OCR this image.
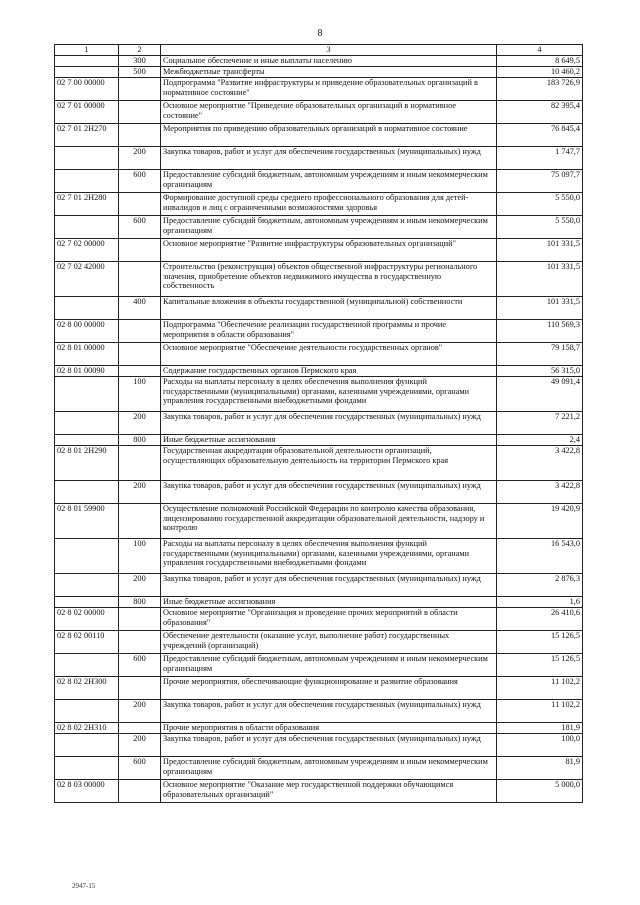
8
1	2	3	4
	300	Социальное обеспечение и иные выплаты населению	8 649,5
	500	Межбюджетные трансферты	10 460,2
02 7 00 00000		Подпрограмма "Развитие инфраструктуры и приведение образовательных организаций в нормативное состояние"	183 726,9
02 7 01 00000		Основное мероприятие "Приведение образовательных организаций в нормативное состояние"	82 395,4
02 7 01 2Н270		Мероприятия по приведению образовательных организаций в нормативное состояние	76 845,4
	200	Закупка товаров, работ и услуг для обеспечения государственных (муниципальных) нужд	1 747,7
	600	Предоставление субсидий бюджетным, автономным учреждениям и иным некоммерческим организациям	75 097,7
02 7 01 2Н280		Формирование доступной среды среднего профессионального образования для детей-инвалидов и лиц с ограниченными возможностями здоровья	5 550,0
	600	Предоставление субсидий бюджетным, автономным учреждениям и иным некоммерческим организациям	5 550,0
02 7 02 00000		Основное мероприятие "Развитие инфраструктуры образовательных организаций"	101 331,5
02 7 02 42000		Строительство (реконструкция) объектов общественной инфраструктуры регионального значения, приобретение объектов недвижимого имущества в государственную собственность	101 331,5
	400	Капитальные вложения в объекты государственной (муниципальной) собственности	101 331,5
02 8 00 00000		Подпрограмма "Обеспечение реализации государственной программы и прочие мероприятия в области образования"	110 569,3
02 8 01 00000		Основное мероприятие "Обеспечение деятельности государственных органов"	79 158,7
02 8 01 00090		Содержание государственных органов Пермского края	56 315,0
	100	Расходы на выплаты персоналу в целях обеспечения выполнения функций государственными (муниципальными) органами, казенными учреждениями, органами управления государственными внебюджетными фондами	49 091,4
	200	Закупка товаров, работ и услуг для обеспечения государственных (муниципальных) нужд	7 221,2
	800	Иные бюджетные ассигнования	2,4
02 8 01 2Н290		Государственная аккредитация образовательной деятельности организаций, осуществляющих образовательную деятельность на территории Пермского края	3 422,8
	200	Закупка товаров, работ и услуг для обеспечения государственных (муниципальных) нужд	3 422,8
02 8 01 59900		Осуществление полномочий Российской Федерации по контролю качества образования, лицензированию государственной аккредитации образовательной деятельности, надзору и контролю	19 420,9
	100	Расходы на выплаты персоналу в целях обеспечения выполнения функций государственными (муниципальными) органами, казенными учреждениями, органами управления государственными внебюджетными фондами	16 543,0
	200	Закупка товаров, работ и услуг для обеспечения государственных (муниципальных) нужд	2 876,3
	800	Иные бюджетные ассигнования	1,6
02 8 02 00000		Основное мероприятие "Организация и проведение прочих мероприятий в области образования"	26 410,6
02 8 02 00110		Обеспечение деятельности (оказание услуг, выполнение работ) государственных учреждений (организаций)	15 126,5
	600	Предоставление субсидий бюджетным, автономным учреждениям и иным некоммерческим организациям	15 126,5
02 8 02 2Н300		Прочие мероприятия, обеспечивающие функционирование и развитие образования	11 102,2
	200	Закупка товаров, работ и услуг для обеспечения государственных (муниципальных) нужд	11 102,2
02 8 02 2Н310		Прочие мероприятия в области образования	181,9
	200	Закупка товаров, работ и услуг для обеспечения государственных (муниципальных) нужд	100,0
	600	Предоставление субсидий бюджетным, автономным учреждениям и иным некоммерческим организациям	81,9
02 8 03 00000		Основное мероприятие "Оказание мер государственной поддержки обучающимся образовательных организаций"	5 000,0
2947-15
